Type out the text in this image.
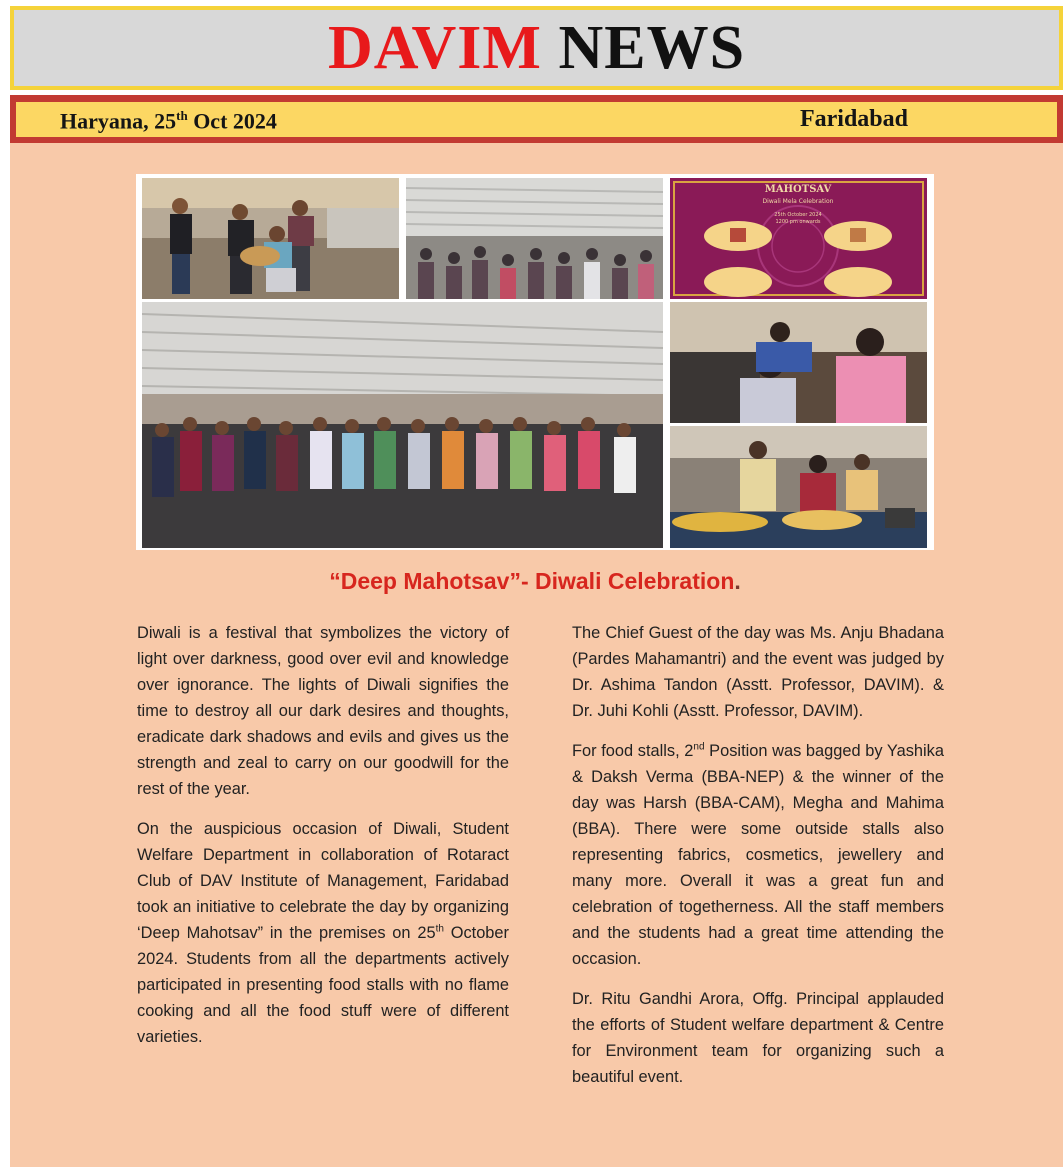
DAVIM NEWS
Haryana, 25th Oct 2024	Faridabad
MAHOTSAV
Diwali Mela Celebration
25th October 2024
1200 pm onwards
“Deep Mahotsav”- Diwali Celebration.

Diwali is a festival that symbolizes the victory of light over darkness, good over evil and knowledge over ignorance. The lights of Diwali signifies the time to destroy all our dark desires and thoughts, eradicate dark shadows and evils and gives us the strength and zeal to carry on our goodwill for the rest of the year.

On the auspicious occasion of Diwali, Student Welfare Department in collaboration of Rotaract Club of DAV Institute of Management, Faridabad took an initiative to celebrate the day by organizing ‘Deep Mahotsav” in the premises on 25th October 2024. Students from all the departments actively participated in presenting food stalls with no flame cooking and all the food stuff were of different varieties.

The Chief Guest of the day was Ms. Anju Bhadana (Pardes Mahamantri) and the event was judged by Dr. Ashima Tandon (Asstt. Professor, DAVIM). & Dr. Juhi Kohli (Asstt. Professor, DAVIM).

For food stalls, 2nd Position was bagged by Yashika & Daksh Verma (BBA-NEP) & the winner of the day was Harsh (BBA-CAM), Megha and Mahima (BBA). There were some outside stalls also representing fabrics, cosmetics, jewellery and many more. Overall it was a great fun and celebration of togetherness. All the staff members and the students had a great time attending the occasion.

Dr. Ritu Gandhi Arora, Offg. Principal applauded the efforts of Student welfare department & Centre for Environment team for organizing such a beautiful event.
